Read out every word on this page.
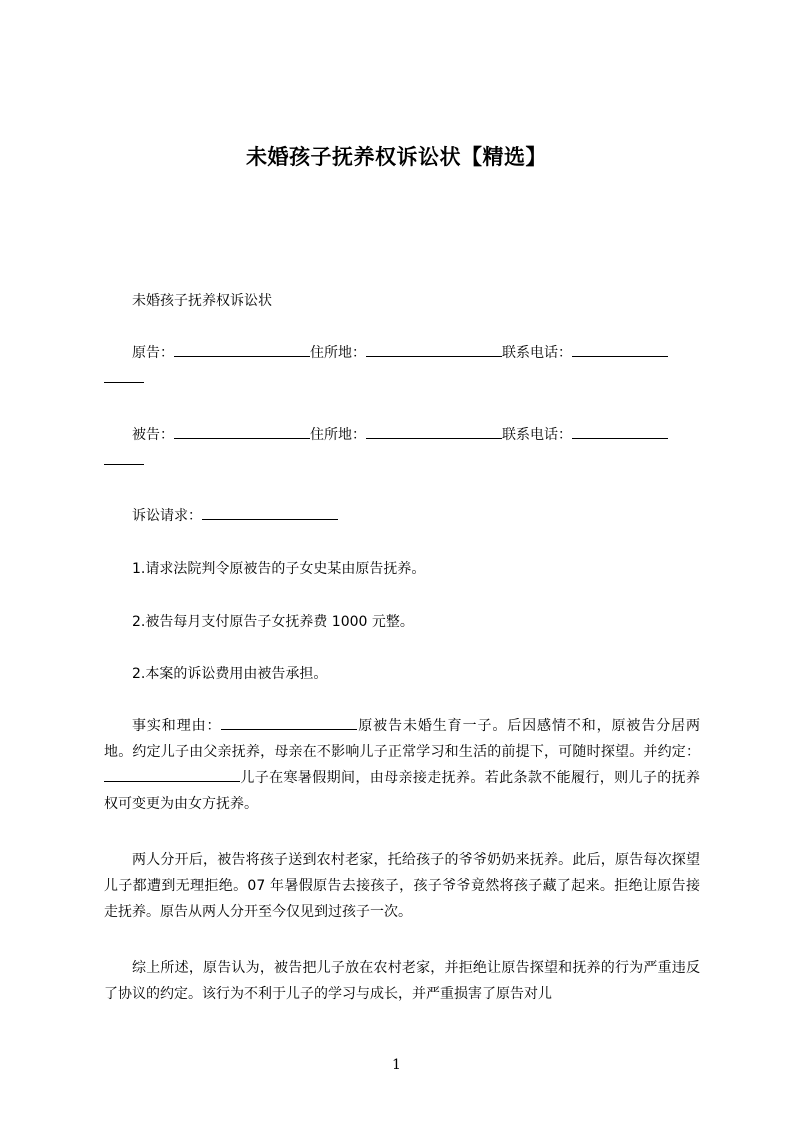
未婚孩子抚养权诉讼状【精选】
未婚孩子抚养权诉讼状

原告：	住所地：	联系电话：

被告：	住所地：	联系电话：

诉讼请求：
1.请求法院判令原被告的子女史某由原告抚养。
2.被告每月支付原告子女抚养费 1000 元整。
2.本案的诉讼费用由被告承担。

事实和理由：	原被告未婚生育一子。后因感情不和，原被告分居两地。约定儿子由父亲抚养，母亲在不影响儿子正常学习和生活的前提下，可随时探望。并约定：儿子在寒暑假期间，由母亲接走抚养。若此条款不能履行，则儿子的抚养权可变更为由女方抚养。

两人分开后，被告将孩子送到农村老家，托给孩子的爷爷奶奶来抚养。此后，原告每次探望儿子都遭到无理拒绝。07 年暑假原告去接孩子，孩子爷爷竟然将孩子藏了起来。拒绝让原告接走抚养。原告从两人分开至今仅见到过孩子一次。

综上所述，原告认为，被告把儿子放在农村老家，并拒绝让原告探望和抚养的行为严重违反了协议的约定。该行为不利于儿子的学习与成长，并严重损害了原告对儿

1
